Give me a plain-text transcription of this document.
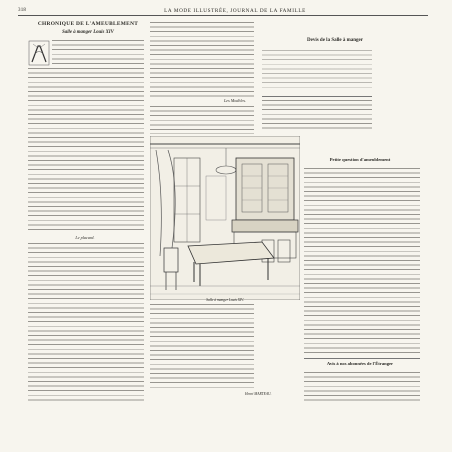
318	LA MODE ILLUSTRÉE, JOURNAL DE LA FAMILLE
CHRONIQUE DE L'AMEUBLEMENT
Salle à manger Louis XIV
Le placard.
Les Modèles.
Devis de la Salle à manger
Petite question d'ameublement
Avis à nos abonnées de l'Étranger
Salle à manger Louis XIV.
Henri MARTEAU.
